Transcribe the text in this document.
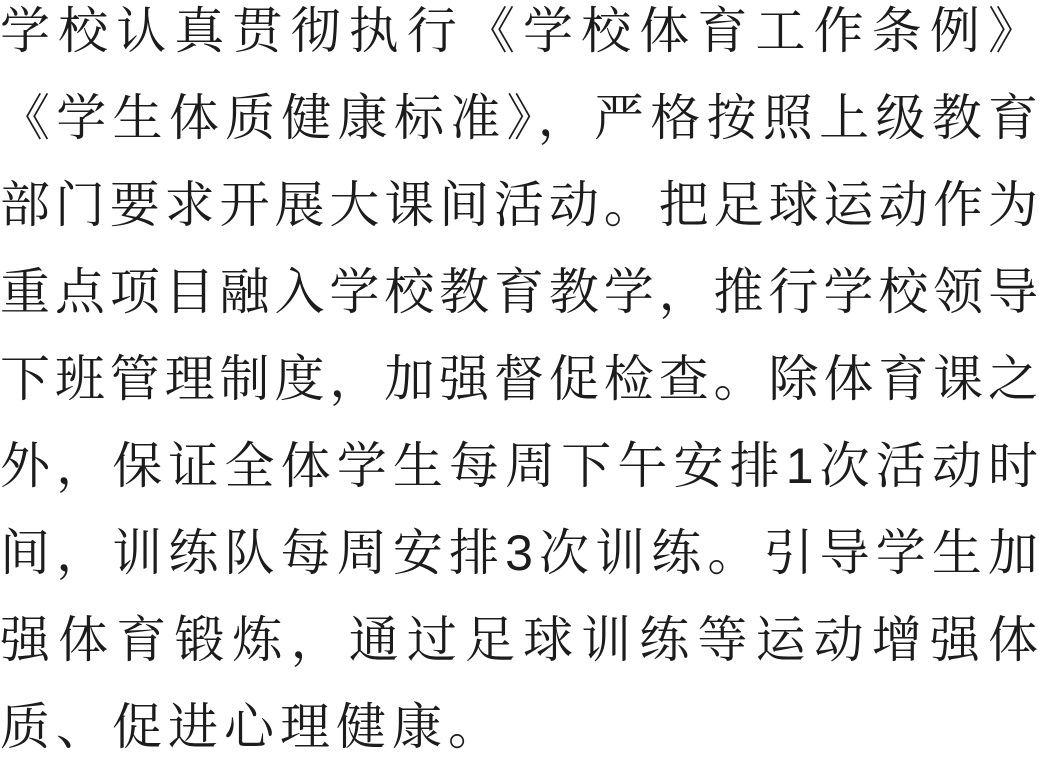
学校认真贯彻执行《学校体育工作条例》
《学生体质健康标准》，严格按照上级教育
部门要求开展大课间活动。把足球运动作为
重点项目融入学校教育教学，推行学校领导
下班管理制度，加强督促检查。除体育课之
外，保证全体学生每周下午安排1次活动时
间，训练队每周安排3次训练。引导学生加
强体育锻炼，通过足球训练等运动增强体
质、促进心理健康。
